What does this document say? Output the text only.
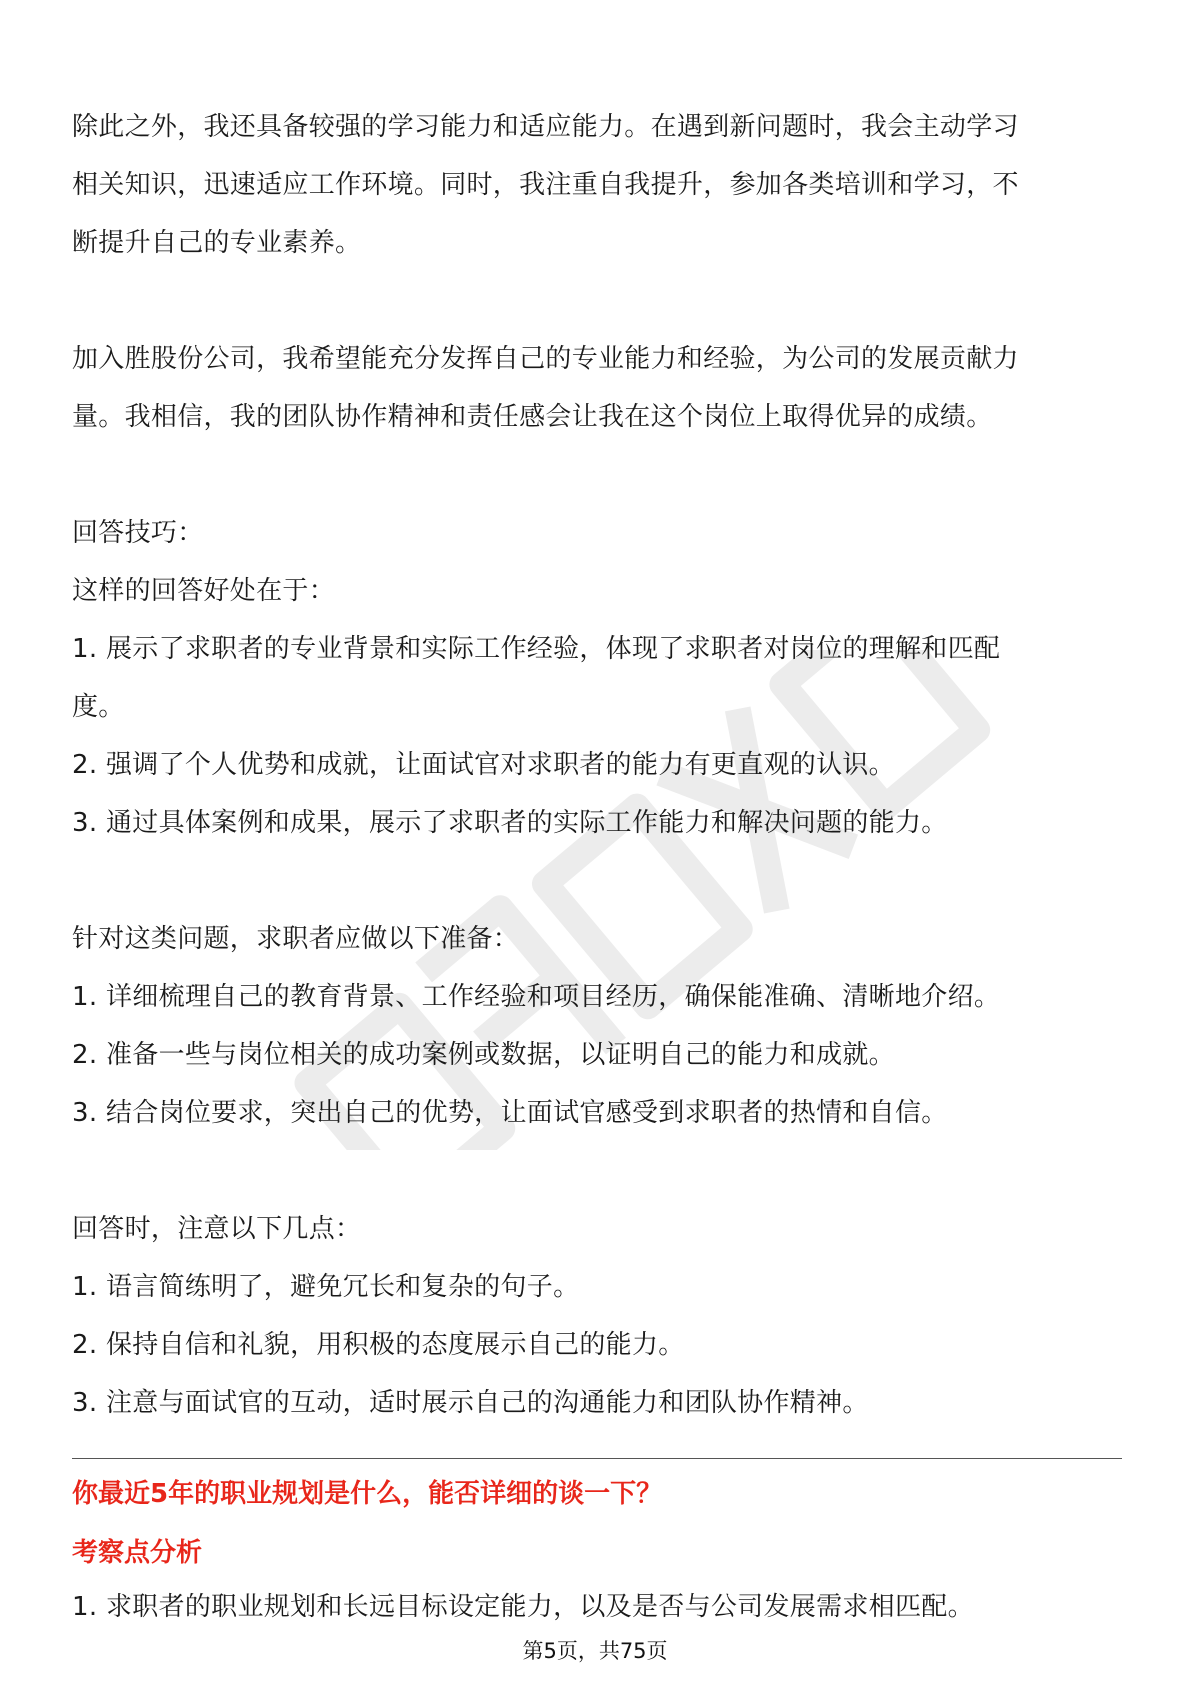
除此之外，我还具备较强的学习能力和适应能力。在遇到新问题时，我会主动学习

相关知识，迅速适应工作环境。同时，我注重自我提升，参加各类培训和学习，不

断提升自己的专业素养。

加入胜股份公司，我希望能充分发挥自己的专业能力和经验，为公司的发展贡献力

量。我相信，我的团队协作精神和责任感会让我在这个岗位上取得优异的成绩。

回答技巧：

这样的回答好处在于：

1. 展示了求职者的专业背景和实际工作经验，体现了求职者对岗位的理解和匹配

度。

2. 强调了个人优势和成就，让面试官对求职者的能力有更直观的认识。

3. 通过具体案例和成果，展示了求职者的实际工作能力和解决问题的能力。

针对这类问题，求职者应做以下准备：

1. 详细梳理自己的教育背景、工作经验和项目经历，确保能准确、清晰地介绍。

2. 准备一些与岗位相关的成功案例或数据，以证明自己的能力和成就。

3. 结合岗位要求，突出自己的优势，让面试官感受到求职者的热情和自信。

回答时，注意以下几点：

1. 语言简练明了，避免冗长和复杂的句子。

2. 保持自信和礼貌，用积极的态度展示自己的能力。

3. 注意与面试官的互动，适时展示自己的沟通能力和团队协作精神。

你最近5年的职业规划是什么，能否详细的谈一下？

考察点分析

1. 求职者的职业规划和长远目标设定能力，以及是否与公司发展需求相匹配。

第5页，共75页
